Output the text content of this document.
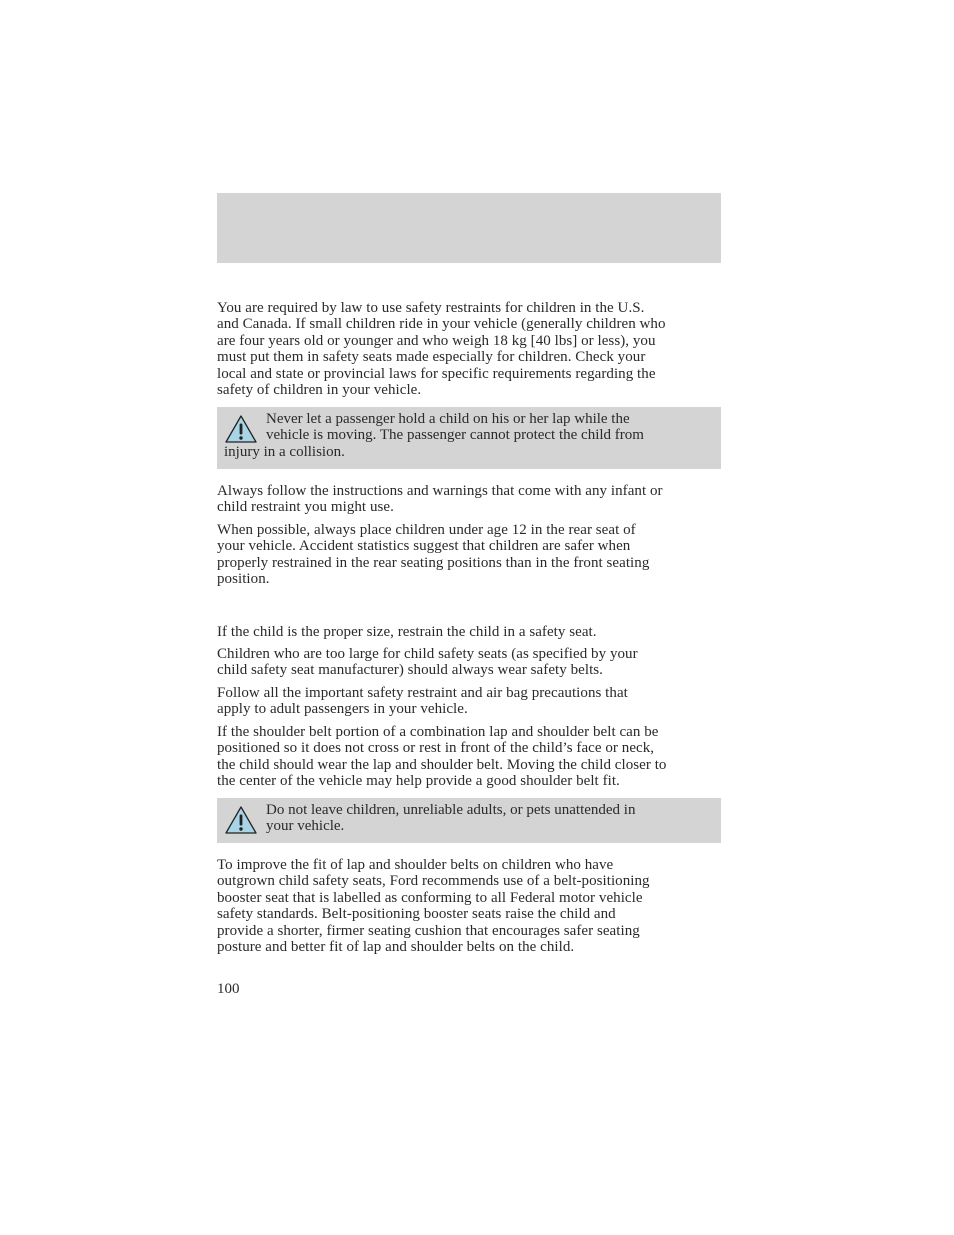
You are required by law to use safety restraints for children in the U.S.
and Canada. If small children ride in your vehicle (generally children who
are four years old or younger and who weigh 18 kg [40 lbs] or less), you
must put them in safety seats made especially for children. Check your
local and state or provincial laws for specific requirements regarding the
safety of children in your vehicle.

Never let a passenger hold a child on his or her lap while the
vehicle is moving. The passenger cannot protect the child from
injury in a collision.

Always follow the instructions and warnings that come with any infant or
child restraint you might use.

When possible, always place children under age 12 in the rear seat of
your vehicle. Accident statistics suggest that children are safer when
properly restrained in the rear seating positions than in the front seating
position.

If the child is the proper size, restrain the child in a safety seat.

Children who are too large for child safety seats (as specified by your
child safety seat manufacturer) should always wear safety belts.

Follow all the important safety restraint and air bag precautions that
apply to adult passengers in your vehicle.

If the shoulder belt portion of a combination lap and shoulder belt can be
positioned so it does not cross or rest in front of the child’s face or neck,
the child should wear the lap and shoulder belt. Moving the child closer to
the center of the vehicle may help provide a good shoulder belt fit.

Do not leave children, unreliable adults, or pets unattended in
your vehicle.

To improve the fit of lap and shoulder belts on children who have
outgrown child safety seats, Ford recommends use of a belt-positioning
booster seat that is labelled as conforming to all Federal motor vehicle
safety standards. Belt-positioning booster seats raise the child and
provide a shorter, firmer seating cushion that encourages safer seating
posture and better fit of lap and shoulder belts on the child.

100
